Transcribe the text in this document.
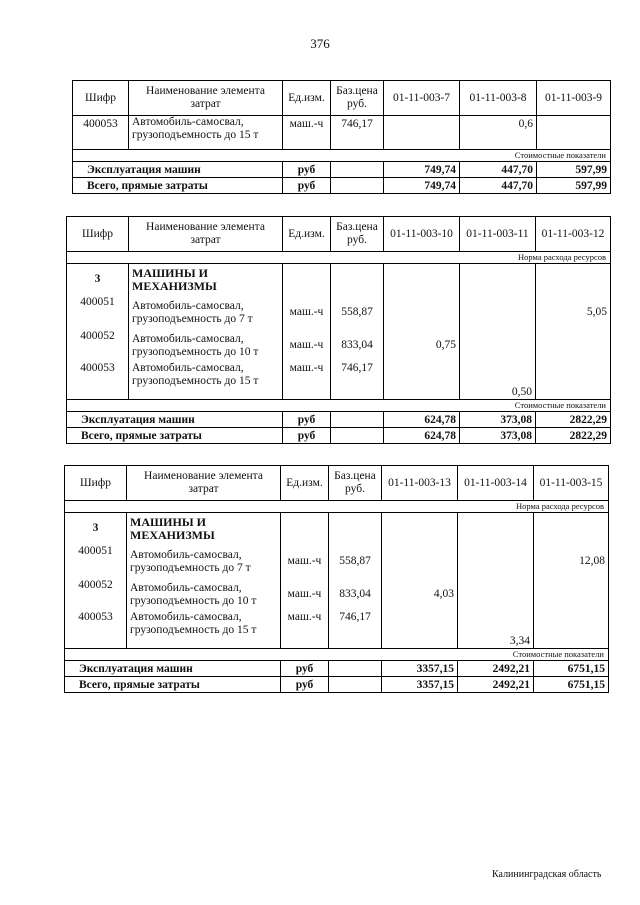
376
Шифр	Наименование элемента затрат	Ед.изм.	Баз.цена руб.	01-11-003-7	01-11-003-8	01-11-003-9
400053	Автомобиль-самосвал, грузоподъемность до 15 т	маш.-ч	746,17		0,6	
Стоимостные показатели						
Эксплуатация машин		руб		749,74	447,70	597,99
Всего, прямые затраты		руб		749,74	447,70	597,99
Шифр	Наименование элемента затрат	Ед.изм.	Баз.цена руб.	01-11-003-10	01-11-003-11	01-11-003-12
Норма расхода ресурсов						
3	МАШИНЫ И МЕХАНИЗМЫ					
400051	Автомобиль-самосвал, грузоподъемность до 7 т	маш.-ч	558,87			5,05
400052	Автомобиль-самосвал, грузоподъемность до 10 т	маш.-ч	833,04	0,75		
400053	Автомобиль-самосвал, грузоподъемность до 15 т	маш.-ч	746,17		0,50	
Стоимостные показатели						
Эксплуатация машин		руб		624,78	373,08	2822,29
Всего, прямые затраты		руб		624,78	373,08	2822,29
Шифр	Наименование элемента затрат	Ед.изм.	Баз.цена руб.	01-11-003-13	01-11-003-14	01-11-003-15
Норма расхода ресурсов						
3	МАШИНЫ И МЕХАНИЗМЫ					
400051	Автомобиль-самосвал, грузоподъемность до 7 т	маш.-ч	558,87			12,08
400052	Автомобиль-самосвал, грузоподъемность до 10 т	маш.-ч	833,04	4,03		
400053	Автомобиль-самосвал, грузоподъемность до 15 т	маш.-ч	746,17		3,34	
Стоимостные показатели						
Эксплуатация машин		руб		3357,15	2492,21	6751,15
Всего, прямые затраты		руб		3357,15	2492,21	6751,15
Калининградская область
